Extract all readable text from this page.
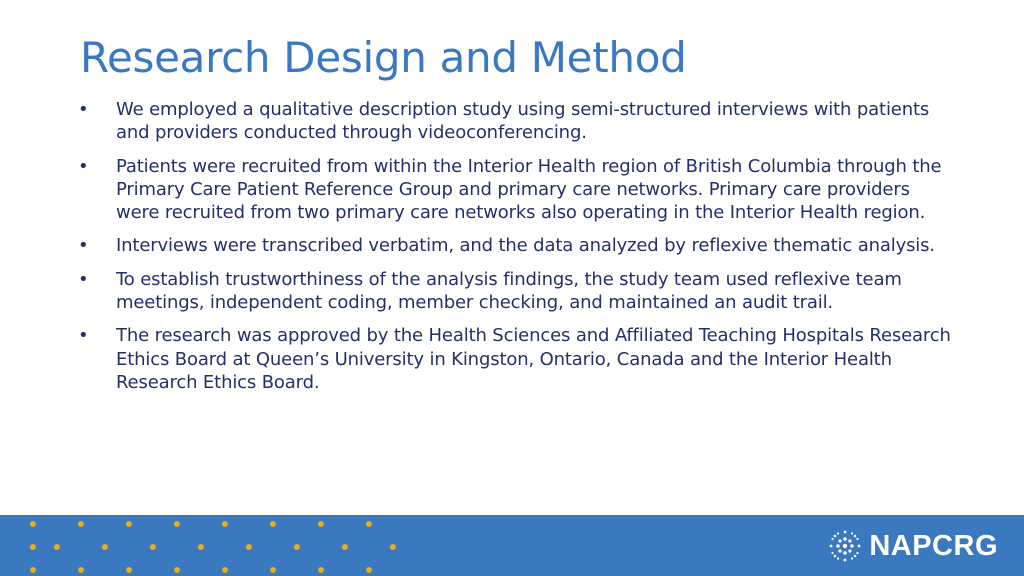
Research Design and Method
•	We employed a qualitative description study using semi-structured interviews with patients and providers conducted through videoconferencing.
•	Patients were recruited from within the Interior Health region of British Columbia through the Primary Care Patient Reference Group and primary care networks. Primary care providers were recruited from two primary care networks also operating in the Interior Health region.
•	Interviews were transcribed verbatim, and the data analyzed by reflexive thematic analysis.
•	To establish trustworthiness of the analysis findings, the study team used reflexive team meetings, independent coding, member checking, and maintained an audit trail.
•	The research was approved by the Health Sciences and Affiliated Teaching Hospitals Research Ethics Board at Queen’s University in Kingston, Ontario, Canada and the Interior Health Research Ethics Board.
NAPCRG
